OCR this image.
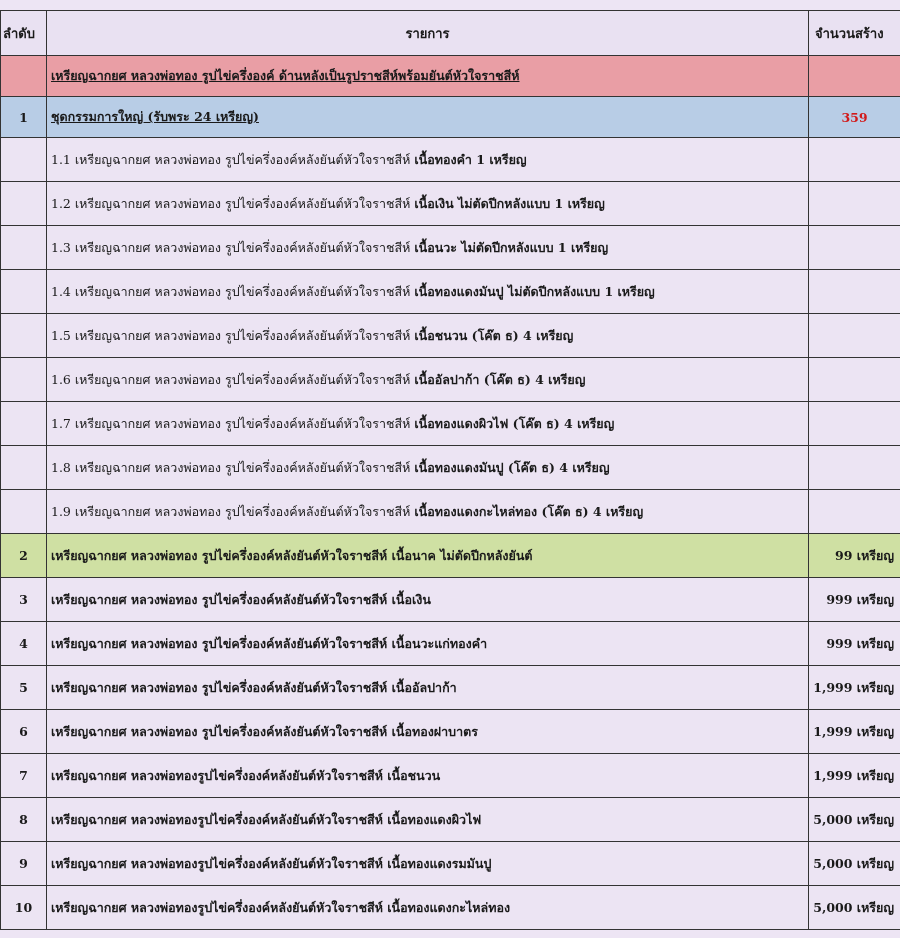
ลำดับ	รายการ	จำนวนสร้าง
	เหรียญฉากยศ หลวงพ่อทอง รูปไข่ครึ่งองค์ ด้านหลังเป็นรูปราชสีห์พร้อมยันต์หัวใจราชสีห์	
1	ชุดกรรมการใหญ่ (รับพระ 24 เหรียญ)	359
	1.1 เหรียญฉากยศ หลวงพ่อทอง รูปไข่ครึ่งองค์หลังยันต์หัวใจราชสีห์ เนื้อทองคำ 1 เหรียญ	
	1.2 เหรียญฉากยศ หลวงพ่อทอง รูปไข่ครึ่งองค์หลังยันต์หัวใจราชสีห์ เนื้อเงิน ไม่ตัดปีกหลังแบบ 1 เหรียญ	
	1.3 เหรียญฉากยศ หลวงพ่อทอง รูปไข่ครึ่งองค์หลังยันต์หัวใจราชสีห์ เนื้อนวะ ไม่ตัดปีกหลังแบบ 1 เหรียญ	
	1.4 เหรียญฉากยศ หลวงพ่อทอง รูปไข่ครึ่งองค์หลังยันต์หัวใจราชสีห์ เนื้อทองแดงมันปู ไม่ตัดปีกหลังแบบ 1 เหรียญ	
	1.5 เหรียญฉากยศ หลวงพ่อทอง รูปไข่ครึ่งองค์หลังยันต์หัวใจราชสีห์ เนื้อชนวน (โค๊ต ธ) 4 เหรียญ	
	1.6 เหรียญฉากยศ หลวงพ่อทอง รูปไข่ครึ่งองค์หลังยันต์หัวใจราชสีห์ เนื้ออัลปาก้า (โค๊ต ธ) 4 เหรียญ	
	1.7 เหรียญฉากยศ หลวงพ่อทอง รูปไข่ครึ่งองค์หลังยันต์หัวใจราชสีห์ เนื้อทองแดงผิวไฟ (โค๊ต ธ) 4 เหรียญ	
	1.8 เหรียญฉากยศ หลวงพ่อทอง รูปไข่ครึ่งองค์หลังยันต์หัวใจราชสีห์ เนื้อทองแดงมันปู (โค๊ต ธ) 4 เหรียญ	
	1.9 เหรียญฉากยศ หลวงพ่อทอง รูปไข่ครึ่งองค์หลังยันต์หัวใจราชสีห์ เนื้อทองแดงกะไหล่ทอง (โค๊ต ธ) 4 เหรียญ	
2	เหรียญฉากยศ หลวงพ่อทอง รูปไข่ครึ่งองค์หลังยันต์หัวใจราชสีห์ เนื้อนาค ไม่ตัดปีกหลังยันต์	99 เหรียญ
3	เหรียญฉากยศ หลวงพ่อทอง รูปไข่ครึ่งองค์หลังยันต์หัวใจราชสีห์ เนื้อเงิน	999 เหรียญ
4	เหรียญฉากยศ หลวงพ่อทอง รูปไข่ครึ่งองค์หลังยันต์หัวใจราชสีห์ เนื้อนวะแก่ทองคำ	999 เหรียญ
5	เหรียญฉากยศ หลวงพ่อทอง รูปไข่ครึ่งองค์หลังยันต์หัวใจราชสีห์ เนื้ออัลปาก้า	1,999 เหรียญ
6	เหรียญฉากยศ หลวงพ่อทอง รูปไข่ครึ่งองค์หลังยันต์หัวใจราชสีห์ เนื้อทองฝาบาตร	1,999 เหรียญ
7	เหรียญฉากยศ หลวงพ่อทองรูปไข่ครึ่งองค์หลังยันต์หัวใจราชสีห์ เนื้อชนวน	1,999 เหรียญ
8	เหรียญฉากยศ หลวงพ่อทองรูปไข่ครึ่งองค์หลังยันต์หัวใจราชสีห์ เนื้อทองแดงผิวไฟ	5,000 เหรียญ
9	เหรียญฉากยศ หลวงพ่อทองรูปไข่ครึ่งองค์หลังยันต์หัวใจราชสีห์ เนื้อทองแดงรมมันปู	5,000 เหรียญ
10	เหรียญฉากยศ หลวงพ่อทองรูปไข่ครึ่งองค์หลังยันต์หัวใจราชสีห์ เนื้อทองแดงกะไหล่ทอง	5,000 เหรียญ
